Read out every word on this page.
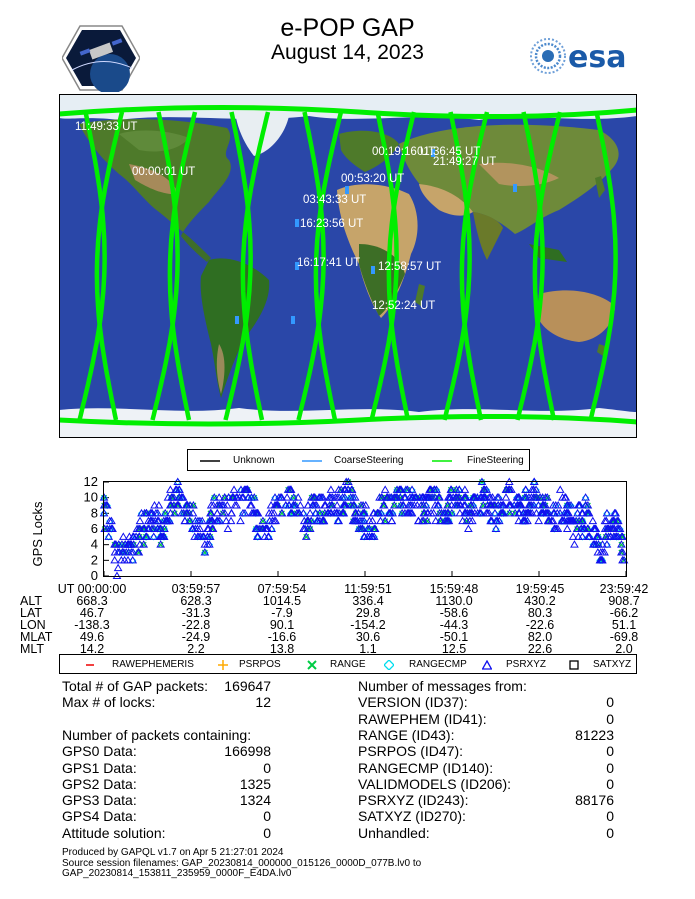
e-POP GAP
August 14, 2023	esa
11:49:33 UT
00:00:01 UT
00:19:16 UT
01:36:45 UT
21:49:27 UT
00:53:20 UT
03:43:33 UT
16:23:56 UT
16:17:41 UT 12:58:57 UT
12:52:24 UT
Unknown	CoarseSteering	FineSteering
GPS Locks
0
2
4
6
8
10
12
UT 00:00:00	03:59:57	07:59:54	11:59:51	15:59:48	19:59:45	23:59:42
ALT	668.3	628.3	1014.5	336.4	1130.0	430.2	908.7
LAT	46.7	-31.3	-7.9	29.8	-58.6	80.3	-66.2
LON	-138.3	-22.8	90.1	-154.2	-44.3	-22.6	51.1
MLAT	49.6	-24.9	-16.6	30.6	-50.1	82.0	-69.8
MLT	14.2	2.2	13.8	1.1	12.5	22.6	2.0
RAWEPHEMERIS	PSRPOS	RANGE	RANGECMP	PSRXYZ	SATXYZ
Total # of GAP packets: 169647
Max # of locks:	12
Number of packets containing:
GPS0 Data:	166998
GPS1 Data:	0
GPS2 Data:	1325
GPS3 Data:	1324
GPS4 Data:	0
Attitude solution:	0
Number of messages from:
VERSION (ID37):	0
RAWEPHEM (ID41):	0
RANGE (ID43):	81223
PSRPOS (ID47):	0
RANGECMP (ID140):	0
VALIDMODELS (ID206):	0
PSRXYZ (ID243):	88176
SATXYZ (ID270):	0
Unhandled:	0
Produced by GAPQL v1.7 on Apr 5 21:27:01 2024
Source session filenames: GAP_20230814_000000_015126_0000D_077B.lv0 to
GAP_20230814_153811_235959_0000F_E4DA.lv0
